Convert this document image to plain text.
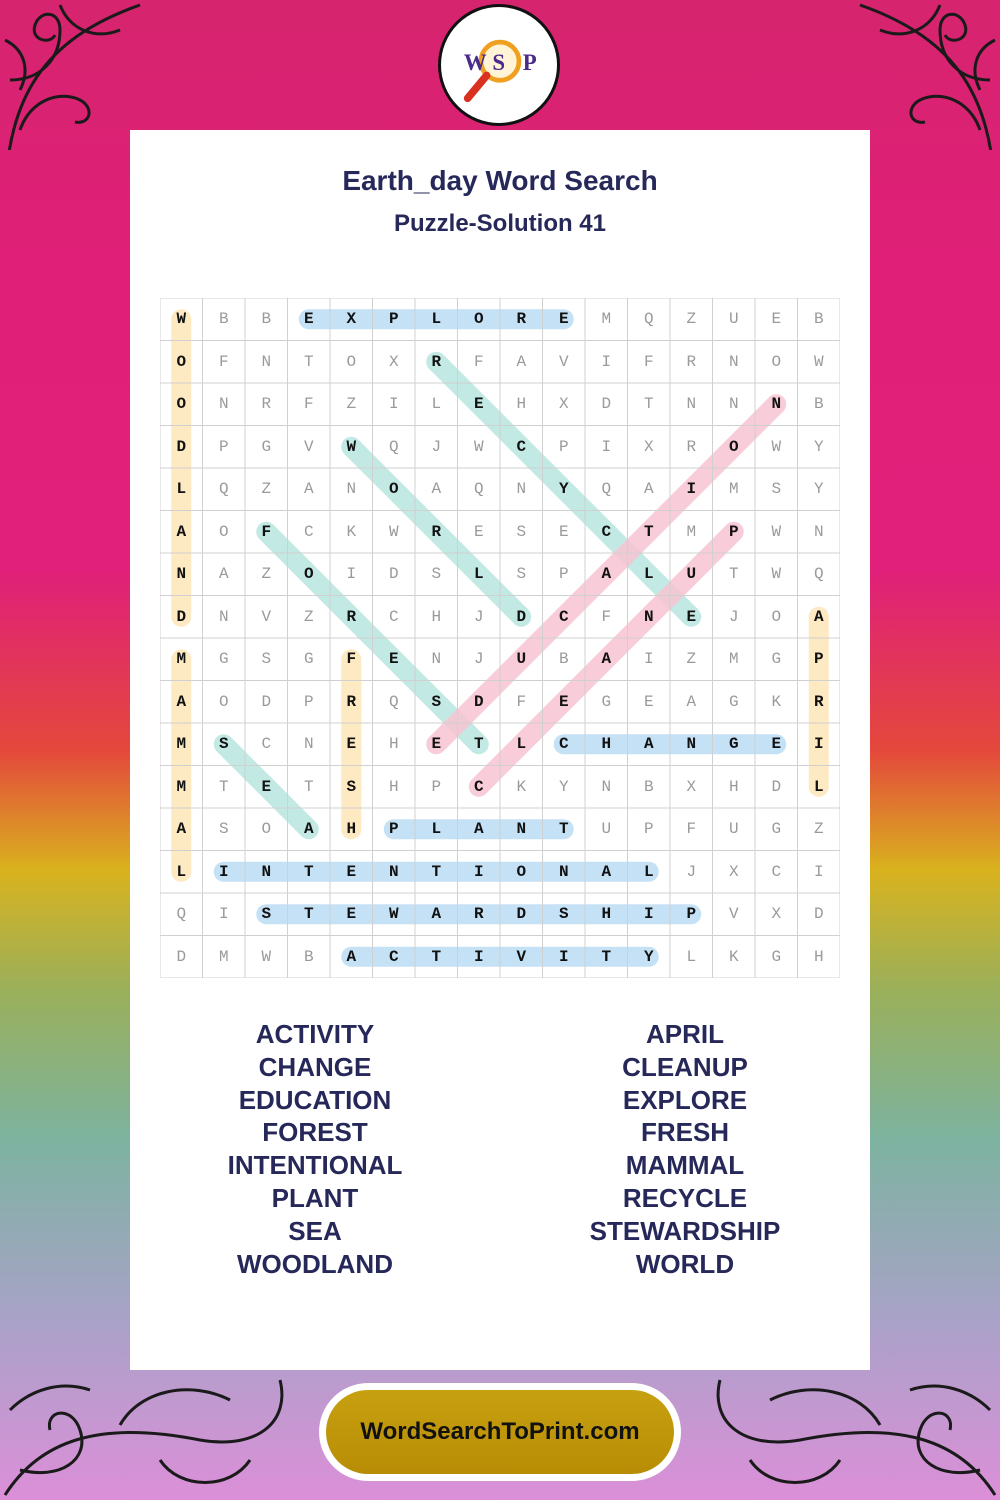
W S P
Earth_day Word Search
Puzzle-Solution 41
W	B	B	E	X	P	L	O	R	E	M	Q	Z	U	E	B
O	F	N	T	O	X	R	F	A	V	I	F	R	N	O	W
O	N	R	F	Z	I	L	E	H	X	D	T	N	N	N	B
D	P	G	V	W	Q	J	W	C	P	I	X	R	O	W	Y
L	Q	Z	A	N	O	A	Q	N	Y	Q	A	I	M	S	Y
A	O	F	C	K	W	R	E	S	E	C	T	M	P	W	N
N	A	Z	O	I	D	S	L	S	P	A	L	U	T	W	Q
D	N	V	Z	R	C	H	J	D	C	F	N	E	J	O	A
M	G	S	G	F	E	N	J	U	B	A	I	Z	M	G	P
A	O	D	P	R	Q	S	D	F	E	G	E	A	G	K	R
M	S	C	N	E	H	E	T	L	C	H	A	N	G	E	I
M	T	E	T	S	H	P	C	K	Y	N	B	X	H	D	L
A	S	O	A	H	P	L	A	N	T	U	P	F	U	G	Z
L	I	N	T	E	N	T	I	O	N	A	L	J	X	C	I
Q	I	S	T	E	W	A	R	D	S	H	I	P	V	X	D
D	M	W	B	A	C	T	I	V	I	T	Y	L	K	G	H
ACTIVITY
CHANGE
EDUCATION
FOREST
INTENTIONAL
PLANT
SEA
WOODLAND
APRIL
CLEANUP
EXPLORE
FRESH
MAMMAL
RECYCLE
STEWARDSHIP
WORLD
WordSearchToPrint.com
